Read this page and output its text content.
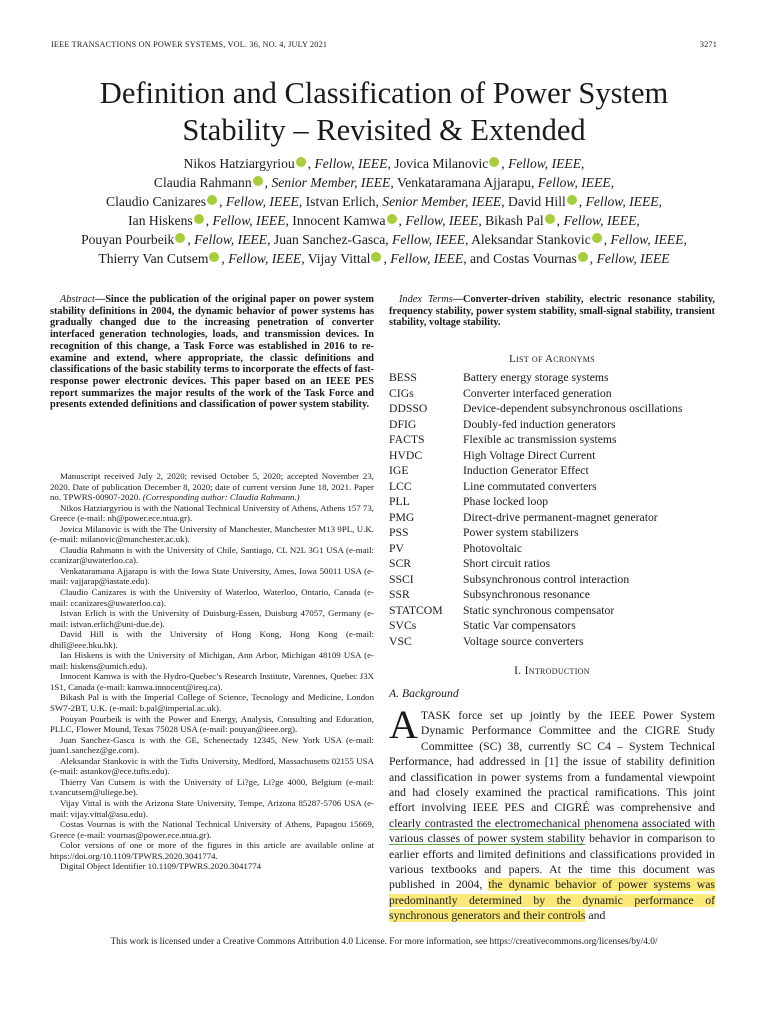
IEEE TRANSACTIONS ON POWER SYSTEMS, VOL. 36, NO. 4, JULY 2021	3271
Definition and Classification of Power System
Stability – Revisited & Extended
Nikos Hatziargyriou , Fellow, IEEE, Jovica Milanovic , Fellow, IEEE,
Claudia Rahmann , Senior Member, IEEE, Venkataramana Ajjarapu, Fellow, IEEE,
Claudio Canizares , Fellow, IEEE, Istvan Erlich, Senior Member, IEEE, David Hill , Fellow, IEEE,
Ian Hiskens , Fellow, IEEE, Innocent Kamwa , Fellow, IEEE, Bikash Pal , Fellow, IEEE,
Pouyan Pourbeik , Fellow, IEEE, Juan Sanchez-Gasca, Fellow, IEEE, Aleksandar Stankovic , Fellow, IEEE,
Thierry Van Cutsem , Fellow, IEEE, Vijay Vittal , Fellow, IEEE, and Costas Vournas , Fellow, IEEE
Abstract—Since the publication of the original paper on power system stability definitions in 2004, the dynamic behavior of power systems has gradually changed due to the increasing penetration of converter interfaced generation technologies, loads, and transmission devices. In recognition of this change, a Task Force was established in 2016 to re-examine and extend, where appropriate, the classic definitions and classifications of the basic stability terms to incorporate the effects of fast-response power electronic devices. This paper based on an IEEE PES report summarizes the major results of the work of the Task Force and presents extended definitions and classification of power system stability.
Index Terms—Converter-driven stability, electric resonance stability, frequency stability, power system stability, small-signal stability, transient stability, voltage stability.
List of Acronyms
BESS	Battery energy storage systems
CIGs	Converter interfaced generation
DDSSO	Device-dependent subsynchronous oscillations
DFIG	Doubly-fed induction generators
FACTS	Flexible ac transmission systems
HVDC	High Voltage Direct Current
IGE	Induction Generator Effect
LCC	Line commutated converters
PLL	Phase locked loop
PMG	Direct-drive permanent-magnet generator
PSS	Power system stabilizers
PV	Photovoltaic
SCR	Short circuit ratios
SSCI	Subsynchronous control interaction
SSR	Subsynchronous resonance
STATCOM	Static synchronous compensator
SVCs	Static Var compensators
VSC	Voltage source converters

Manuscript received July 2, 2020; revised October 5, 2020; accepted November 23, 2020. Date of publication December 8, 2020; date of current version June 18, 2021. Paper no. TPWRS-00907-2020. (Corresponding author: Claudia Rahmann.)

Nikos Hatziargyriou is with the National Technical University of Athens, Athens 157 73, Greece (e-mail: nh@power.ece.ntua.gr).

Jovica Milanovic is with the The University of Manchester, Manchester M13 9PL, U.K. (e-mail: milanovic@manchester.ac.uk).

Claudia Rahmann is with the University of Chile, Santiago, CL N2L 3G1 USA (e-mail: ccanizar@uwaterloo.ca).

Venkataramana Ajjarapu is with the Iowa State University, Ames, Iowa 50011 USA (e-mail: vajjarap@iastate.edu).

Claudio Canizares is with the University of Waterloo, Waterloo, Ontario, Canada (e-mail: ccanizares@uwaterloo.ca).

Istvan Erlich is with the University of Duisburg-Essen, Duisburg 47057, Germany (e-mail: istvan.erlich@uni-due.de).

David Hill is with the University of Hong Kong, Hong Kong (e-mail: dhill@eee.hku.hk).

Ian Hiskens is with the University of Michigan, Ann Arbor, Michigan 48109 USA (e-mail: hiskens@umich.edu).

Innocent Kamwa is with the Hydro-Quebec’s Research Institute, Varennes, Quebec J3X 1S1, Canada (e-mail: kamwa.innocent@ireq.ca).

Bikash Pal is with the Imperial College of Science, Tecnology and Medicine, London SW7-2BT, U.K. (e-mail: b.pal@imperial.ac.uk).

Pouyan Pourbeik is with the Power and Energy, Analysis, Consulting and Education, PLLC, Flower Mound, Texas 75028 USA (e-mail: pouyan@ieee.org).

Juan Sanchez-Gasca is with the GE, Schenectady 12345, New York USA (e-mail: juan1.sanchez@ge.com).

Aleksandar Stankovic is with the Tufts University, Medford, Massachusetts 02155 USA (e-mail: astankov@ece.tufts.edu).

Thierry Van Cutsem is with the University of Li?ge, Li?ge 4000, Belgium (e-mail: t.vancutsem@uliege.be).

Vijay Vittal is with the Arizona State University, Tempe, Arizona 85287-5706 USA (e-mail: vijay.vittal@asu.edu).

Costas Vournas is with the National Technical University of Athens, Papagou 15669, Greece (e-mail: vournas@power.ece.ntua.gr).

Color versions of one or more of the figures in this article are available online at https://doi.org/10.1109/TPWRS.2020.3041774.

Digital Object Identifier 10.1109/TPWRS.2020.3041774

I. Introduction
A. Background
ATASK force set up jointly by the IEEE Power System Dynamic Performance Committee and the CIGRE Study Committee (SC) 38, currently SC C4 – System Technical Performance, had addressed in [1] the issue of stability definition and classification in power systems from a fundamental viewpoint and had closely examined the practical ramifications. This joint effort involving IEEE PES and CIGRÉ was comprehensive and clearly contrasted the electromechanical phenomena associated with various classes of power system stability behavior in comparison to earlier efforts and limited definitions and classifications provided in various textbooks and papers. At the time this document was published in 2004, the dynamic behavior of power systems was predominantly determined by the dynamic performance of synchronous generators and their controls and
This work is licensed under a Creative Commons Attribution 4.0 License. For more information, see https://creativecommons.org/licenses/by/4.0/
